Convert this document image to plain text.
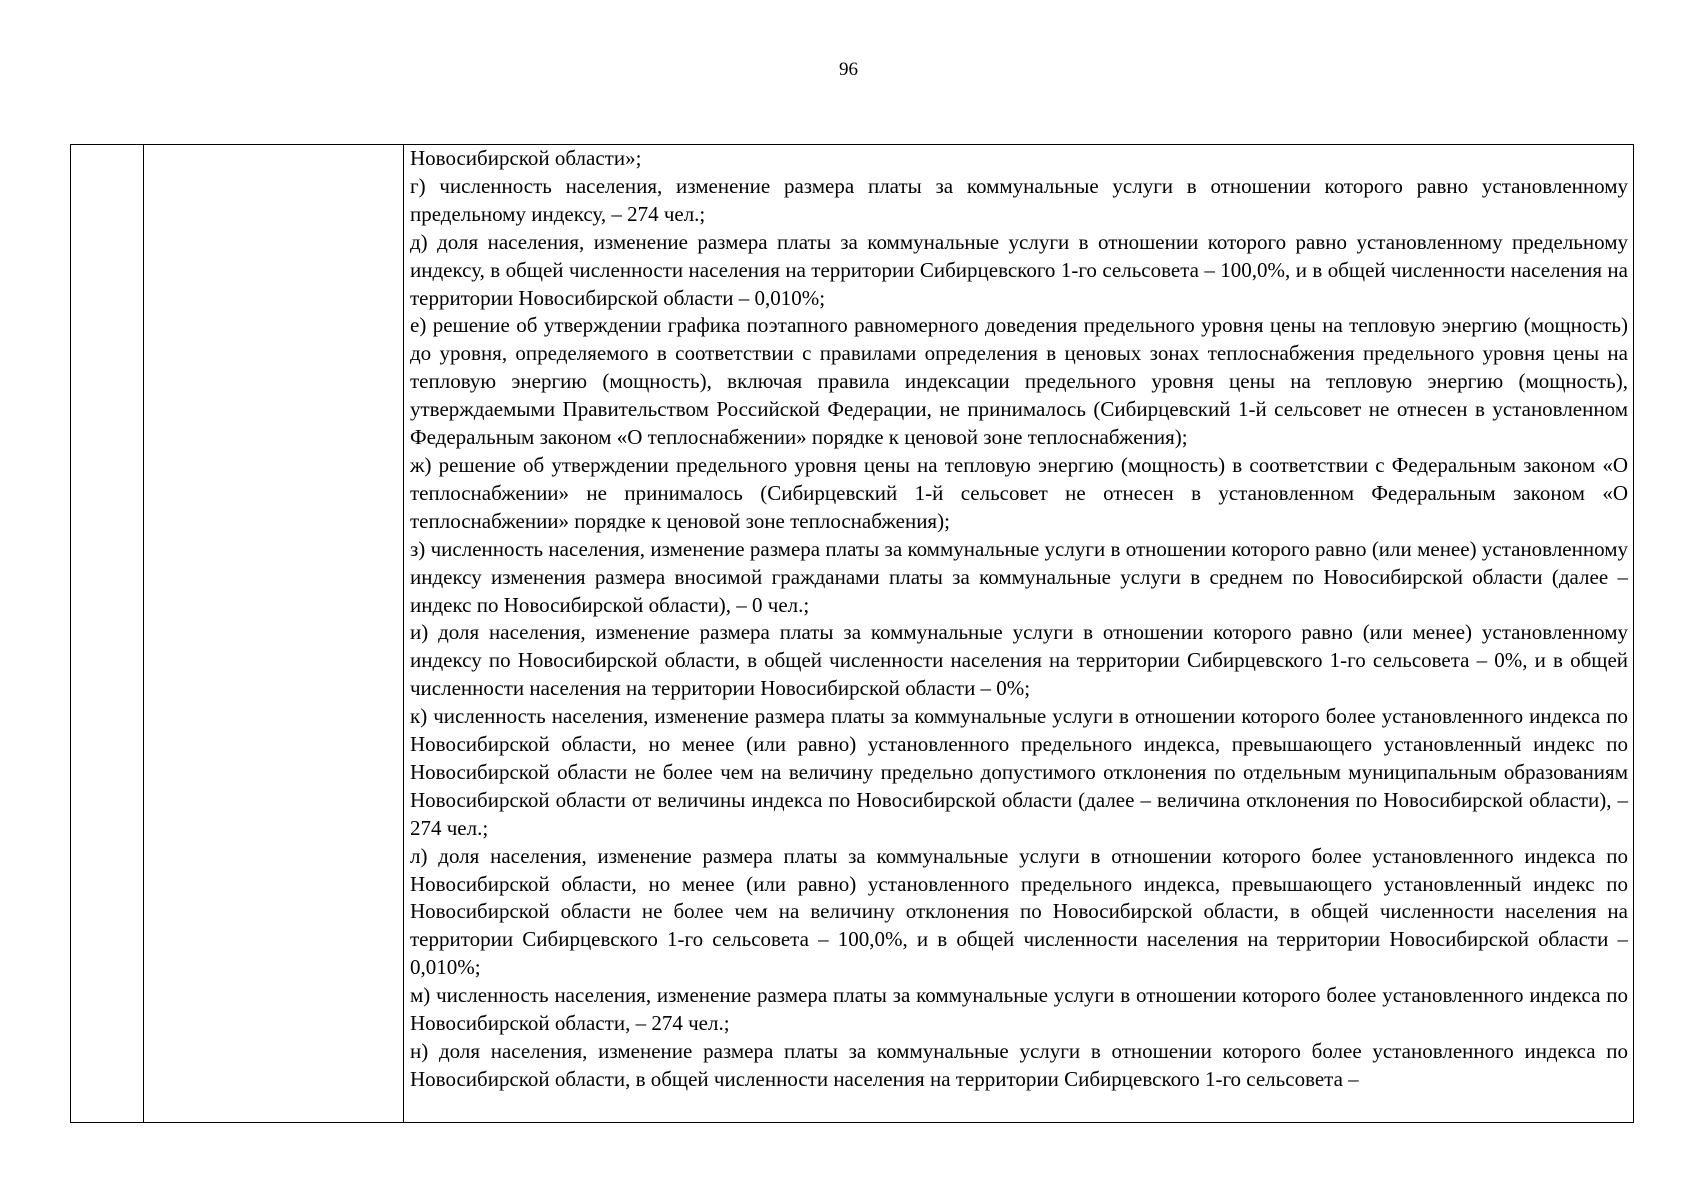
96

Новосибирской области»;

г) численность населения, изменение размера платы за коммунальные услуги в отношении которого равно установленному предельному индексу, – 274 чел.;

д) доля населения, изменение размера платы за коммунальные услуги в отношении которого равно установленному предельному индексу, в общей численности населения на территории Сибирцевского 1-го сельсовета – 100,0%, и в общей численности населения на территории Новосибирской области – 0,010%;

е) решение об утверждении графика поэтапного равномерного доведения предельного уровня цены на тепловую энергию (мощность) до уровня, определяемого в соответствии с правилами определения в ценовых зонах теплоснабжения предельного уровня цены на тепловую энергию (мощность), включая правила индексации предельного уровня цены на тепловую энергию (мощность), утверждаемыми Правительством Российской Федерации, не принималось (Сибирцевский 1-й сельсовет не отнесен в установленном Федеральным законом «О теплоснабжении» порядке к ценовой зоне теплоснабжения);

ж) решение об утверждении предельного уровня цены на тепловую энергию (мощность) в соответствии с Федеральным законом «О теплоснабжении» не принималось (Сибирцевский 1-й сельсовет не отнесен в установленном Федеральным законом «О теплоснабжении» порядке к ценовой зоне теплоснабжения);

з) численность населения, изменение размера платы за коммунальные услуги в отношении которого равно (или менее) установленному индексу изменения размера вносимой гражданами платы за коммунальные услуги в среднем по Новосибирской области (далее – индекс по Новосибирской области), – 0 чел.;

и) доля населения, изменение размера платы за коммунальные услуги в отношении которого равно (или менее) установленному индексу по Новосибирской области, в общей численности населения на территории Сибирцевского 1-го сельсовета – 0%, и в общей численности населения на территории Новосибирской области – 0%;

к) численность населения, изменение размера платы за коммунальные услуги в отношении которого более установленного индекса по Новосибирской области, но менее (или равно) установленного предельного индекса, превышающего установленный индекс по Новосибирской области не более чем на величину предельно допустимого отклонения по отдельным муниципальным образованиям Новосибирской области от величины индекса по Новосибирской области (далее – величина отклонения по Новосибирской области), – 274 чел.;

л) доля населения, изменение размера платы за коммунальные услуги в отношении которого более установленного индекса по Новосибирской области, но менее (или равно) установленного предельного индекса, превышающего установленный индекс по Новосибирской области не более чем на величину отклонения по Новосибирской области, в общей численности населения на территории Сибирцевского 1-го сельсовета – 100,0%, и в общей численности населения на территории Новосибирской области – 0,010%;

м) численность населения, изменение размера платы за коммунальные услуги в отношении которого более установленного индекса по Новосибирской области, – 274 чел.;

н) доля населения, изменение размера платы за коммунальные услуги в отношении которого более установленного индекса по Новосибирской области, в общей численности населения на территории Сибирцевского 1-го сельсовета –
